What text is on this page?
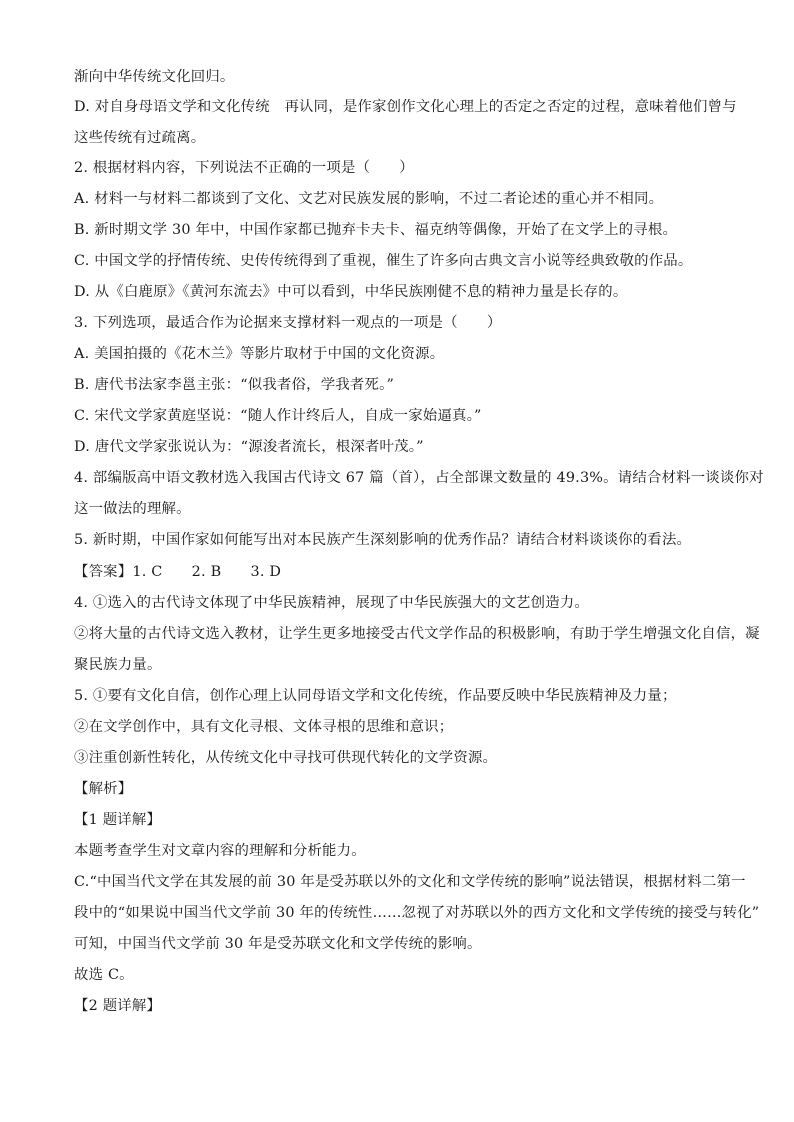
渐向中华传统文化回归。
D. 对自身母语文学和文化传统　再认同，是作家创作文化心理上的否定之否定的过程，意味着他们曾与
这些传统有过疏离。
2. 根据材料内容，下列说法不正确的一项是（　　）
A. 材料一与材料二都谈到了文化、文艺对民族发展的影响，不过二者论述的重心并不相同。
B. 新时期文学 30 年中，中国作家都已抛弃卡夫卡、福克纳等偶像，开始了在文学上的寻根。
C. 中国文学的抒情传统、史传传统得到了重视，催生了许多向古典文言小说等经典致敬的作品。
D. 从《白鹿原》《黄河东流去》中可以看到，中华民族刚健不息的精神力量是长存的。
3. 下列选项，最适合作为论据来支撑材料一观点的一项是（　　）
A. 美国拍摄的《花木兰》等影片取材于中国的文化资源。
B. 唐代书法家李邕主张：“似我者俗，学我者死。”
C. 宋代文学家黄庭坚说：“随人作计终后人，自成一家始逼真。”
D. 唐代文学家张说认为：“源浚者流长，根深者叶茂。”
4. 部编版高中语文教材选入我国古代诗文 67 篇（首），占全部课文数量的 49.3%。请结合材料一谈谈你对
这一做法的理解。
5. 新时期，中国作家如何能写出对本民族产生深刻影响的优秀作品？请结合材料谈谈你的看法。
【答案】1. C　　2. B　　3. D
4. ①选入的古代诗文体现了中华民族精神，展现了中华民族强大的文艺创造力。
②将大量的古代诗文选入教材，让学生更多地接受古代文学作品的积极影响，有助于学生增强文化自信，凝
聚民族力量。
5. ①要有文化自信，创作心理上认同母语文学和文化传统，作品要反映中华民族精神及力量；
②在文学创作中，具有文化寻根、文体寻根的思维和意识；
③注重创新性转化，从传统文化中寻找可供现代转化的文学资源。
【解析】
【1 题详解】
本题考查学生对文章内容的理解和分析能力。
C.“中国当代文学在其发展的前 30 年是受苏联以外的文化和文学传统的影响”说法错误，根据材料二第一
段中的“如果说中国当代文学前 30 年的传统性……忽视了对苏联以外的西方文化和文学传统的接受与转化”
可知，中国当代文学前 30 年是受苏联文化和文学传统的影响。
故选 C。
【2 题详解】
